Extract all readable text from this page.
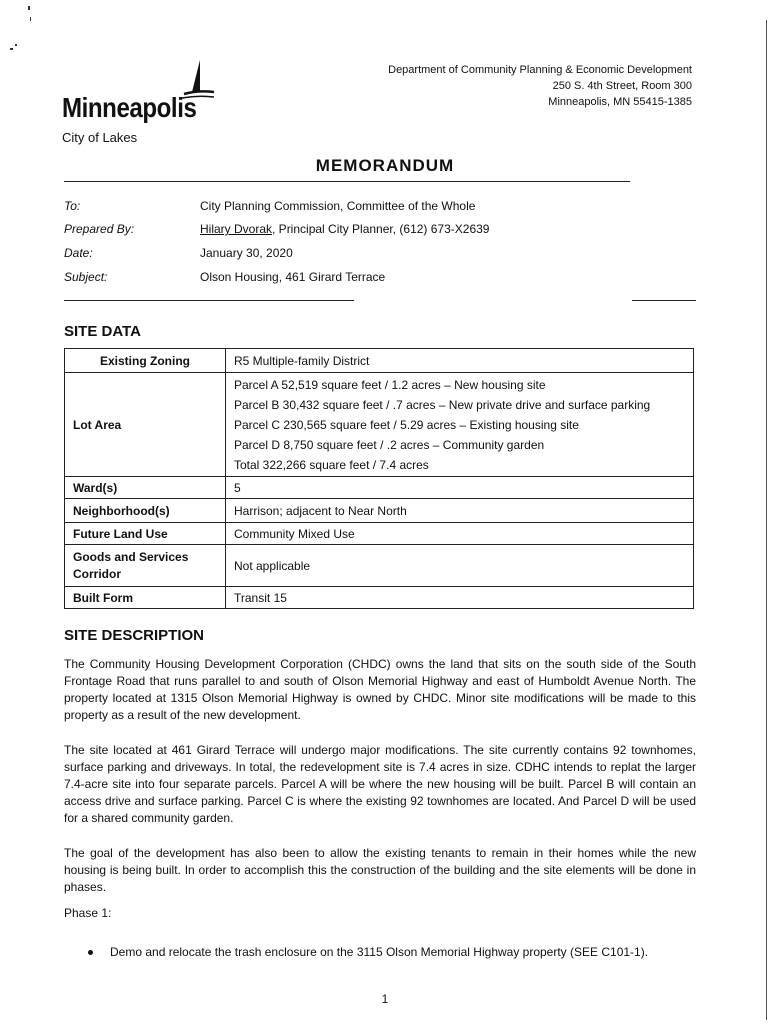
Minneapolis
City of Lakes
Department of Community Planning & Economic Development
250 S. 4th Street, Room 300
Minneapolis, MN 55415-1385
MEMORANDUM
To:	City Planning Commission, Committee of the Whole
Prepared By:	Hilary Dvorak, Principal City Planner, (612) 673-X2639
Date:	January 30, 2020
Subject:	Olson Housing, 461 Girard Terrace
SITE DATA
Existing Zoning	R5 Multiple-family District
Lot Area	Parcel A 52,519 square feet / 1.2 acres – New housing site
Parcel B 30,432 square feet / .7 acres – New private drive and surface parking
Parcel C 230,565 square feet / 5.29 acres – Existing housing site
Parcel D 8,750 square feet / .2 acres – Community garden
Total 322,266 square feet / 7.4 acres

Ward(s)	5
Neighborhood(s)	Harrison; adjacent to Near North
Future Land Use	Community Mixed Use
Goods and Services Corridor	Not applicable
Built Form	Transit 15
SITE DESCRIPTION
The Community Housing Development Corporation (CHDC) owns the land that sits on the south side of the South Frontage Road that runs parallel to and south of Olson Memorial Highway and east of Humboldt Avenue North. The property located at 1315 Olson Memorial Highway is owned by CHDC. Minor site modifications will be made to this property as a result of the new development.
The site located at 461 Girard Terrace will undergo major modifications. The site currently contains 92 townhomes, surface parking and driveways. In total, the redevelopment site is 7.4 acres in size. CDHC intends to replat the larger 7.4-acre site into four separate parcels. Parcel A will be where the new housing will be built. Parcel B will contain an access drive and surface parking. Parcel C is where the existing 92 townhomes are located. And Parcel D will be used for a shared community garden.
The goal of the development has also been to allow the existing tenants to remain in their homes while the new housing is being built. In order to accomplish this the construction of the building and the site elements will be done in phases.
Phase 1:
Demo and relocate the trash enclosure on the 3115 Olson Memorial Highway property (SEE C101-1).
1
